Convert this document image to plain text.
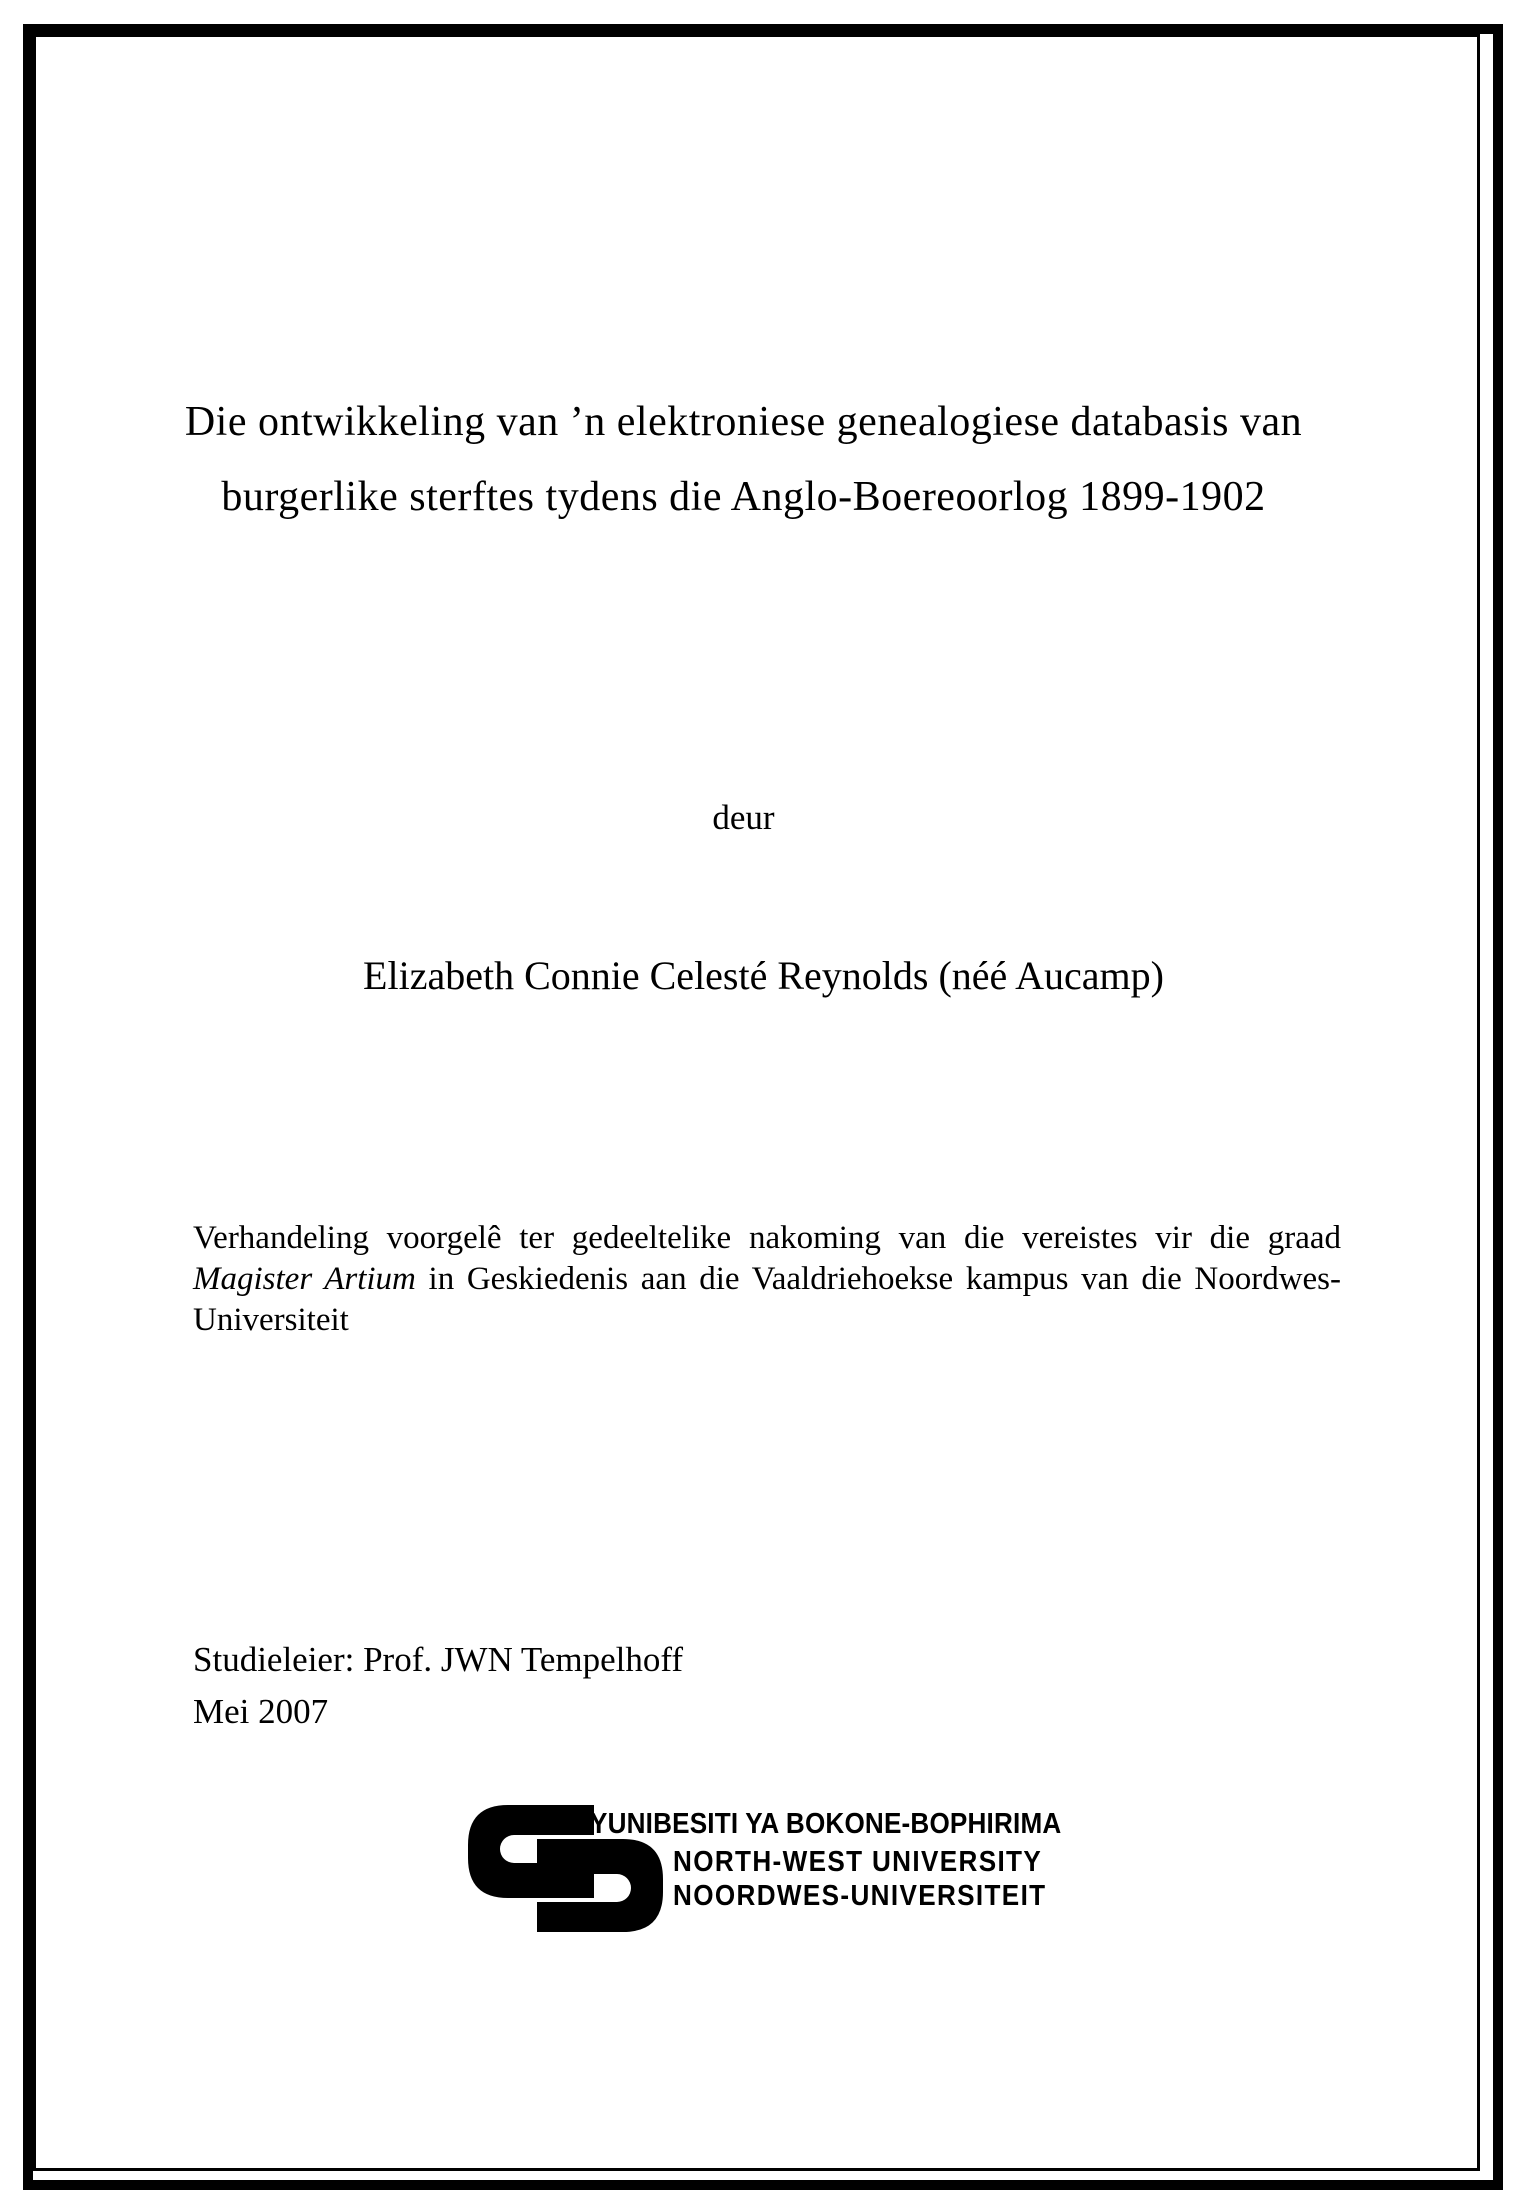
Die ontwikkeling van ’n elektroniese genealogiese databasis van
burgerlike sterftes tydens die Anglo-Boereoorlog 1899-1902
deur
Elizabeth Connie Celesté Reynolds (néé Aucamp)

Verhandeling voorgelê ter gedeeltelike nakoming van die vereistes vir die graad Magister Artium in Geskiedenis aan die Vaaldriehoekse kampus van die Noordwes-Universiteit

Studieleier: Prof. JWN Tempelhoff
Mei 2007
YUNIBESITI YA BOKONE-BOPHIRIMA
NORTH-WEST UNIVERSITY
NOORDWES-UNIVERSITEIT
